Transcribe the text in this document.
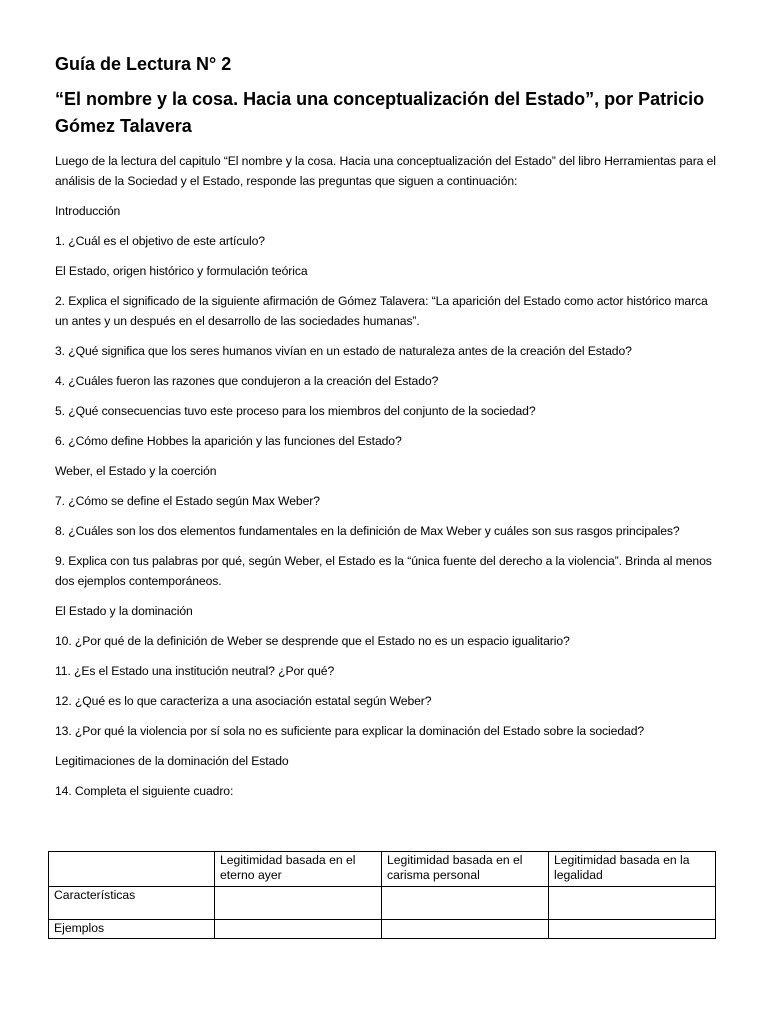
Guía de Lectura N° 2
“El nombre y la cosa. Hacia una conceptualización del Estado”, por Patricio Gómez Talavera

Luego de la lectura del capitulo “El nombre y la cosa. Hacia una conceptualización del Estado” del libro Herramientas para el análisis de la Sociedad y el Estado, responde las preguntas que siguen a continuación:

Introducción

1. ¿Cuál es el objetivo de este artículo?

El Estado, origen histórico y formulación teórica

2. Explica el significado de la siguiente afirmación de Gómez Talavera: “La aparición del Estado como actor histórico marca un antes y un después en el desarrollo de las sociedades humanas”.

3. ¿Qué significa que los seres humanos vivían en un estado de naturaleza antes de la creación del Estado?

4. ¿Cuáles fueron las razones que condujeron a la creación del Estado?

5. ¿Qué consecuencias tuvo este proceso para los miembros del conjunto de la sociedad?

6. ¿Cómo define Hobbes la aparición y las funciones del Estado?

Weber, el Estado y la coerción

7. ¿Cómo se define el Estado según Max Weber?

8. ¿Cuáles son los dos elementos fundamentales en la definición de Max Weber y cuáles son sus rasgos principales?

9. Explica con tus palabras por qué, según Weber, el Estado es la “única fuente del derecho a la violencia”. Brinda al menos dos ejemplos contemporáneos.

El Estado y la dominación

10. ¿Por qué de la definición de Weber se desprende que el Estado no es un espacio igualitario?

11. ¿Es el Estado una institución neutral? ¿Por qué?

12. ¿Qué es lo que caracteriza a una asociación estatal según Weber?

13. ¿Por qué la violencia por sí sola no es suficiente para explicar la dominación del Estado sobre la sociedad?

Legitimaciones de la dominación del Estado

14. Completa el siguiente cuadro:

	Legitimidad basada en el eterno ayer	Legitimidad basada en el carisma personal	Legitimidad basada en la legalidad
Características			
Ejemplos			
